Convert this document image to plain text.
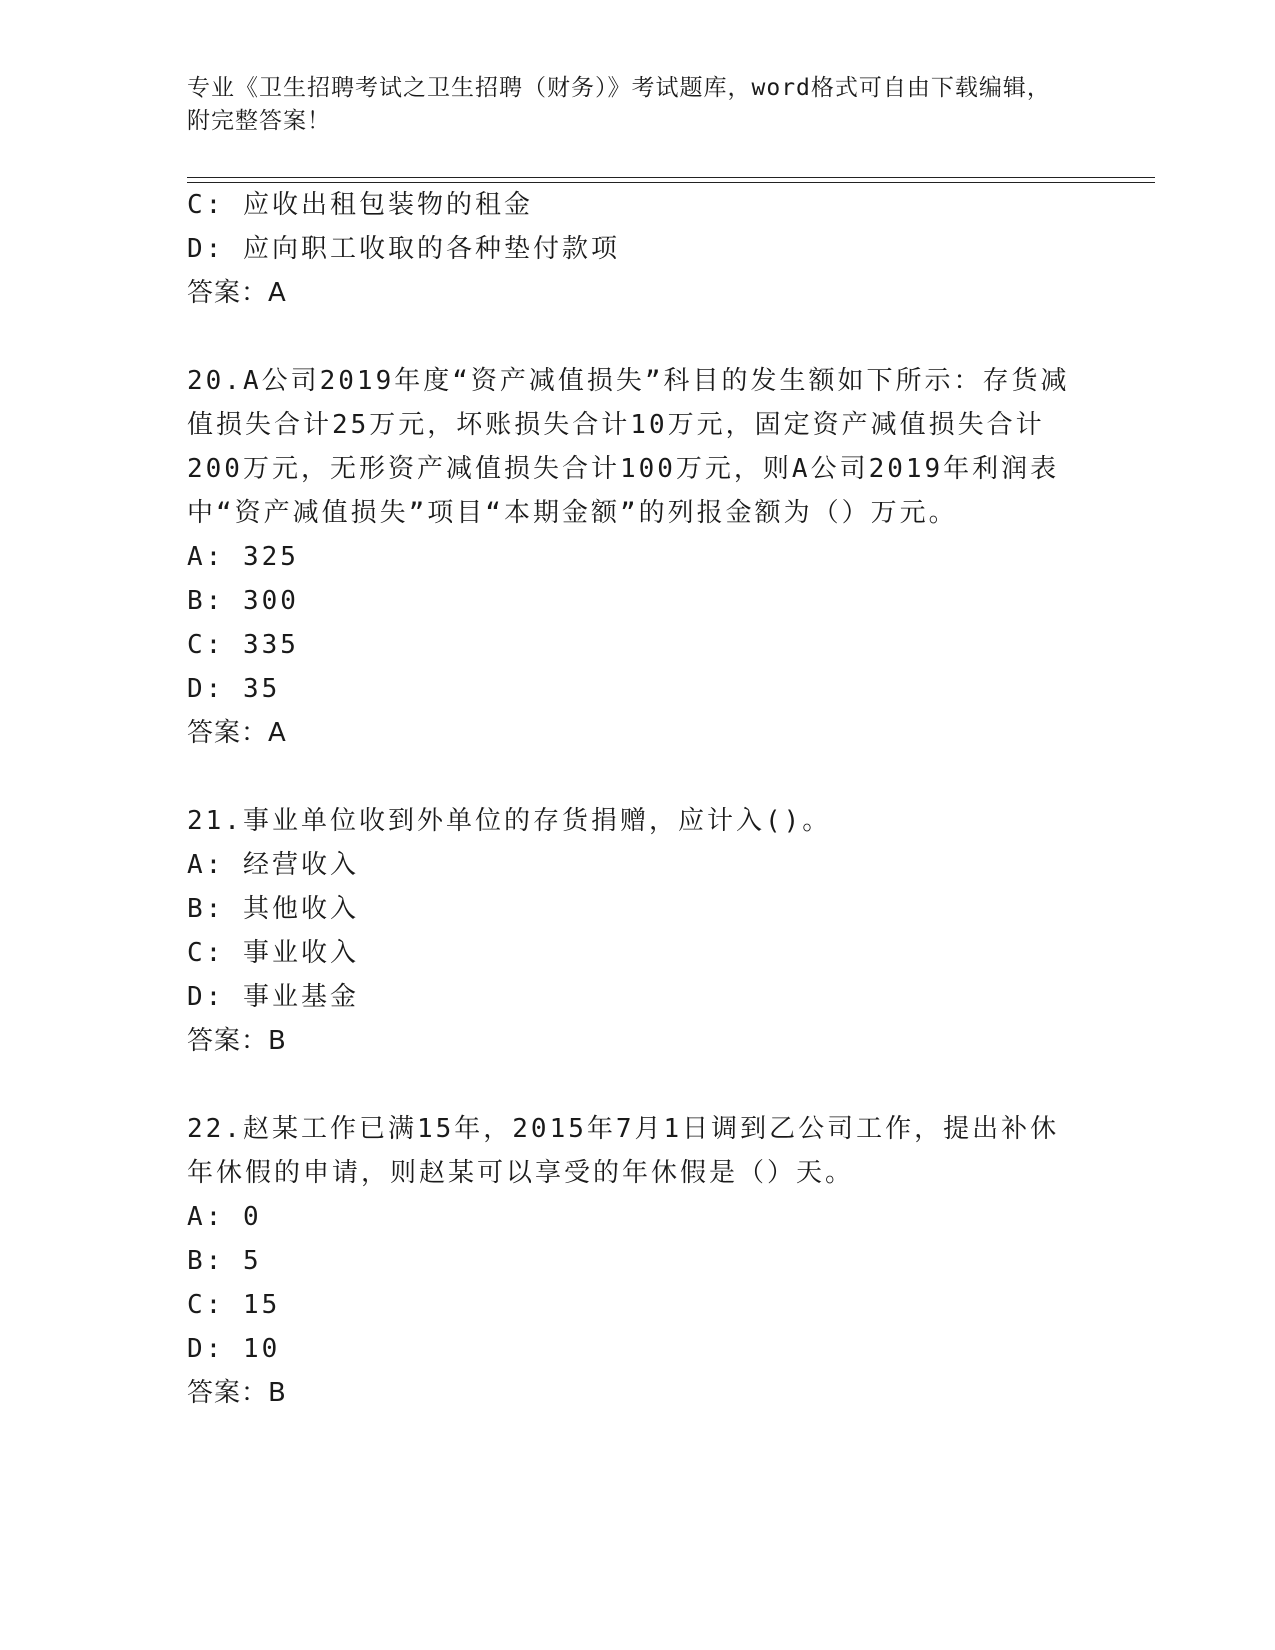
专业《卫生招聘考试之卫生招聘（财务）》考试题库，word格式可自由下载编辑，附完整答案！
C: 应收出租包装物的租金
D: 应向职工收取的各种垫付款项
答案：A
20.A公司2019年度“资产减值损失”科目的发生额如下所示：存货减
值损失合计25万元，坏账损失合计10万元，固定资产减值损失合计
200万元，无形资产减值损失合计100万元，则A公司2019年利润表
中“资产减值损失”项目“本期金额”的列报金额为（）万元。
A: 325
B: 300
C: 335
D: 35
答案：A
21.事业单位收到外单位的存货捐赠，应计入()。
A: 经营收入
B: 其他收入
C: 事业收入
D: 事业基金
答案：B
22.赵某工作已满15年，2015年7月1日调到乙公司工作，提出补休
年休假的申请，则赵某可以享受的年休假是（）天。
A: 0
B: 5
C: 15
D: 10
答案：B
